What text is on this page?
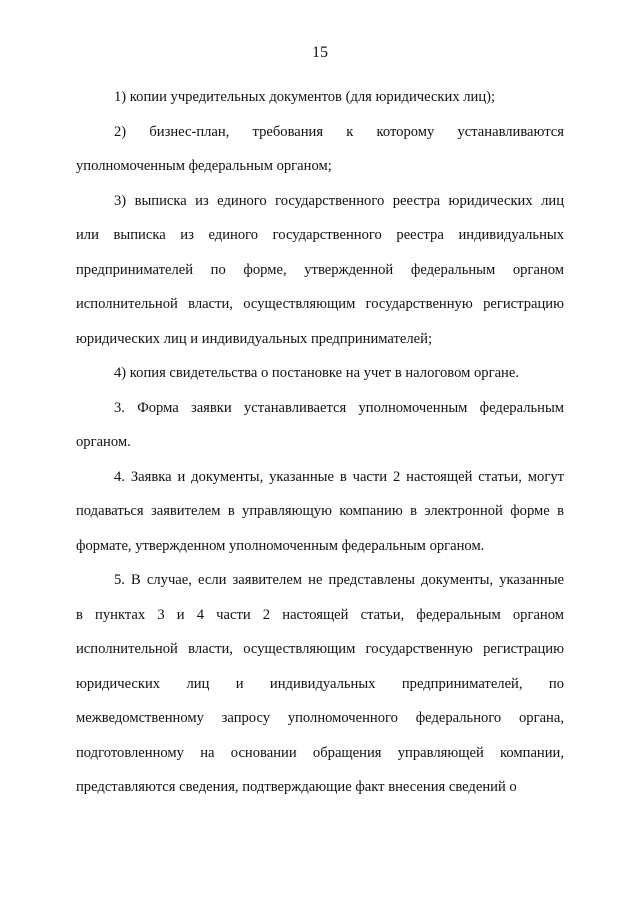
15

1) копии учредительных документов (для юридических лиц);

2) бизнес-план, требования к которому устанавливаются
уполномоченным федеральным органом;

3) выписка из единого государственного реестра юридических лиц
или выписка из единого государственного реестра индивидуальных
предпринимателей по форме, утвержденной федеральным органом
исполнительной власти, осуществляющим государственную регистрацию
юридических лиц и индивидуальных предпринимателей;

4) копия свидетельства о постановке на учет в налоговом органе.

3. Форма заявки устанавливается уполномоченным федеральным
органом.

4. Заявка и документы, указанные в части 2 настоящей статьи, могут
подаваться заявителем в управляющую компанию в электронной форме в
формате, утвержденном уполномоченным федеральным органом.

5. В случае, если заявителем не представлены документы, указанные
в пунктах 3 и 4 части 2 настоящей статьи, федеральным органом
исполнительной власти, осуществляющим государственную регистрацию
юридических лиц и индивидуальных предпринимателей, по
межведомственному запросу уполномоченного федерального органа,
подготовленному на основании обращения управляющей компании,
представляются сведения, подтверждающие факт внесения сведений о
